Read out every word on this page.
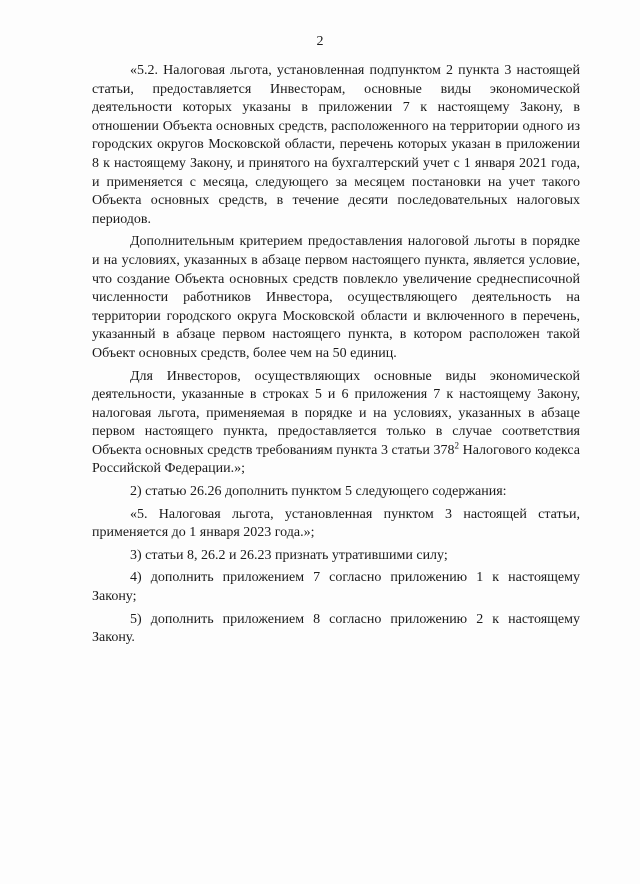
2

«5.2. Налоговая льгота, установленная подпунктом 2 пункта 3 настоящей статьи, предоставляется Инвесторам, основные виды экономической деятельности которых указаны в приложении 7 к настоящему Закону, в отношении Объекта основных средств, расположенного на территории одного из городских округов Московской области, перечень которых указан в приложении 8 к настоящему Закону, и принятого на бухгалтерский учет с 1 января 2021 года, и применяется с месяца, следующего за месяцем постановки на учет такого Объекта основных средств, в течение десяти последовательных налоговых периодов.

Дополнительным критерием предоставления налоговой льготы в порядке и на условиях, указанных в абзаце первом настоящего пункта, является условие, что создание Объекта основных средств повлекло увеличение среднесписочной численности работников Инвестора, осуществляющего деятельность на территории городского округа Московской области и включенного в перечень, указанный в абзаце первом настоящего пункта, в котором расположен такой Объект основных средств, более чем на 50 единиц.

Для Инвесторов, осуществляющих основные виды экономической деятельности, указанные в строках 5 и 6 приложения 7 к настоящему Закону, налоговая льгота, применяемая в порядке и на условиях, указанных в абзаце первом настоящего пункта, предоставляется только в случае соответствия Объекта основных средств требованиям пункта 3 статьи $378^2$ Налогового кодекса Российской Федерации.»;

2) статью 26.26 дополнить пунктом 5 следующего содержания:

«5. Налоговая льгота, установленная пунктом 3 настоящей статьи, применяется до 1 января 2023 года.»;

3) статьи 8, 26.2 и 26.23 признать утратившими силу;

4) дополнить приложением 7 согласно приложению 1 к настоящему Закону;

5) дополнить приложением 8 согласно приложению 2 к настоящему Закону.
